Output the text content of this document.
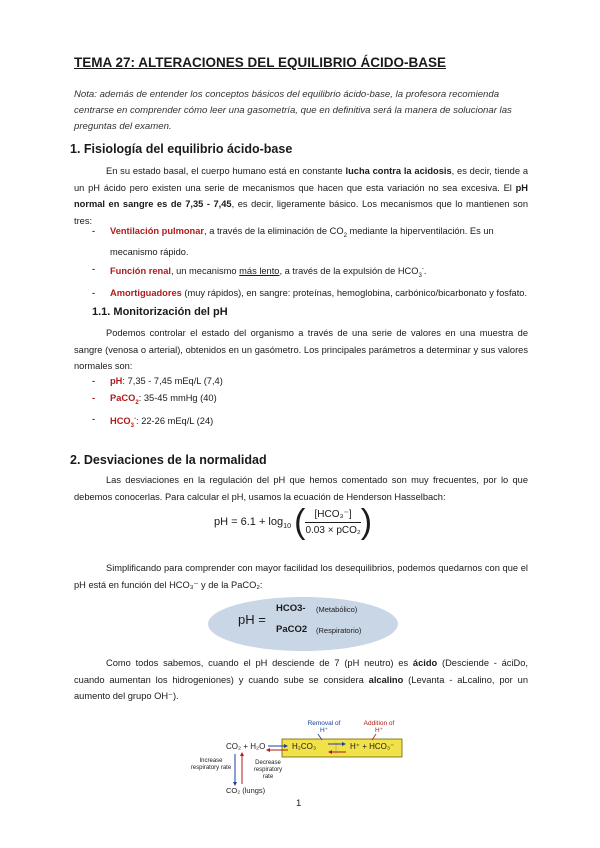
TEMA 27: ALTERACIONES DEL EQUILIBRIO ÁCIDO-BASE
Nota: además de entender los conceptos básicos del equilibrio ácido-base, la profesora recomienda centrarse en comprender cómo leer una gasometría, que en definitiva será la manera de solucionar las preguntas del examen.
1. Fisiología del equilibrio ácido-base

En su estado basal, el cuerpo humano está en constante lucha contra la acidosis, es decir, tiende a un pH ácido pero existen una serie de mecanismos que hacen que esta variación no sea excesiva. El pH normal en sangre es de 7,35 - 7,45, es decir, ligeramente básico. Los mecanismos que lo mantienen son tres:

- Ventilación pulmonar, a través de la eliminación de $CO_2$ mediante la hiperventilación. Es un mecanismo rápido.
- Función renal, un mecanismo más lento, a través de la expulsión de $HCO_3^-$.
- Amortiguadores (muy rápidos), en sangre: proteínas, hemoglobina, carbónico/bicarbonato y fosfato.
1.1. Monitorización del pH

Podemos controlar el estado del organismo a través de una serie de valores en una muestra de sangre (venosa o arterial), obtenidos en un gasómetro. Los principales parámetros a determinar y sus valores normales son:

- pH: 7,35 - 7,45 mEq/L (7,4)
- PaCO$_2$: 35-45 mmHg (40)
- $HCO_3^-$: 22-26 mEq/L (24)
2. Desviaciones de la normalidad

Las desviaciones en la regulación del pH que hemos comentado son muy frecuentes, por lo que debemos conocerlas. Para calcular el pH, usamos la ecuación de Henderson Hasselbach:

pH = $6.1 + \log_{10}$ ( $\frac{\text{[HCO₃⁻]}}{\text{0.03 × pCO₂}}$ )

Simplificando para comprender con mayor facilidad los desequilibrios, podemos quedarnos con que el pH está en función del HCO₃⁻ y de la PaCO₂:

pH =
HCO3- (Metabólico)
PaCO2 (Respiratorio)

Como todos sabemos, cuando el pH desciende de 7 (pH neutro) es ácido (Desciende - áciDo, cuando aumentan los hidrogeniones) y cuando sube se considera alcalino (Levanta - aLcalino, por un aumento del grupo OH⁻).

Removal of H⁺
Addition of H⁺
CO₂ + H₂O	H₂CO₃	H⁺ + HCO₃⁻
Increase respiratory rate
Decrease respiratory rate
CO₂ (lungs)
1
